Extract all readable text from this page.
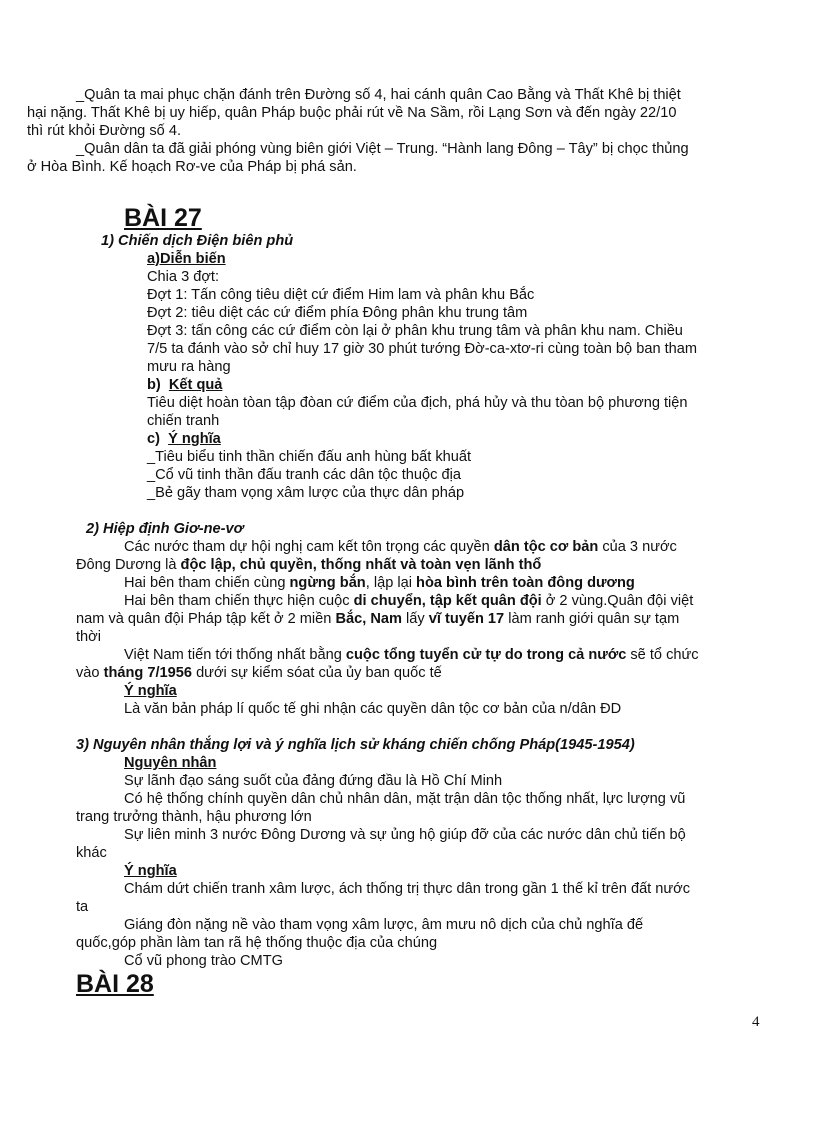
_Quân ta mai phục chặn đánh trên Đường số 4, hai cánh quân Cao Bằng và Thất Khê bị thiệt
hại nặng. Thất Khê bị uy hiếp, quân Pháp buộc phải rút về Na Sầm, rồi Lạng Sơn và đến ngày 22/10
thì rút khỏi Đường số 4.
_Quân dân ta đã giải phóng vùng biên giới Việt – Trung. “Hành lang Đông – Tây” bị chọc thủng
ở Hòa Bình. Kế hoạch Rơ-ve của Pháp bị phá sản.
BÀI 27
1) Chiến dịch Điện biên phủ
a)Diễn biến
Chia 3 đợt:
Đợt 1: Tấn công tiêu diệt cứ điểm Him lam và phân khu Bắc
Đợt 2: tiêu diệt các cứ điểm phía Đông phân khu trung tâm
Đợt 3: tấn công các cứ điểm còn lại ở phân khu trung tâm và phân khu nam. Chiều
7/5 ta đánh vào sở chỉ huy 17 giờ 30 phút tướng Đờ-ca-xtơ-ri cùng toàn bộ ban tham
mưu ra hàng
b) Kết quả
Tiêu diệt hoàn tòan tập đòan cứ điểm của địch, phá hủy và thu tòan bộ phương tiện
chiến tranh
c) Ý nghĩa
_Tiêu biểu tinh thần chiến đấu anh hùng bất khuất
_Cổ vũ tinh thần đấu tranh các dân tộc thuộc địa
_Bẻ gãy tham vọng xâm lược của thực dân pháp
2) Hiệp định Giơ-ne-vơ
Các nước tham dự hội nghị cam kết tôn trọng các quyền dân tộc cơ bản của 3 nước
Đông Dương là độc lập, chủ quyền, thống nhất và toàn vẹn lãnh thổ
Hai bên tham chiến cùng ngừng bắn, lập lại hòa bình trên toàn đông dương
Hai bên tham chiến thực hiện cuộc di chuyển, tập kết quân đội ở 2 vùng.Quân đội việt
nam và quân đội Pháp tập kết ở 2 miền Bắc, Nam lấy vĩ tuyến 17 làm ranh giới quân sự tạm
thời
Việt Nam tiến tới thống nhất bằng cuộc tổng tuyển cử tự do trong cả nước sẽ tổ chức
vào tháng 7/1956 dưới sự kiểm sóat của ủy ban quốc tế
Ý nghĩa
Là văn bản pháp lí quốc tế ghi nhận các quyền dân tộc cơ bản của n/dân ĐD
3) Nguyên nhân thắng lợi và ý nghĩa lịch sử kháng chiến chống Pháp(1945-1954)
Nguyên nhân
Sự lãnh đạo sáng suốt của đảng đứng đầu là Hồ Chí Minh
Có hệ thống chính quyền dân chủ nhân dân, mặt trận dân tộc thống nhất, lực lượng vũ
trang trưởng thành, hậu phương lớn
Sự liên minh 3 nước Đông Dương và sự ủng hộ giúp đỡ của các nước dân chủ tiến bộ
khác
Ý nghĩa
Chám dứt chiến tranh xâm lược, ách thống trị thực dân trong gần 1 thế kỉ trên đất nước
ta
Giáng đòn nặng nề vào tham vọng xâm lược, âm mưu nô dịch của chủ nghĩa đế
quốc,góp phần làm tan rã hệ thống thuộc địa của chúng
Cổ vũ phong trào CMTG
BÀI 28
4
